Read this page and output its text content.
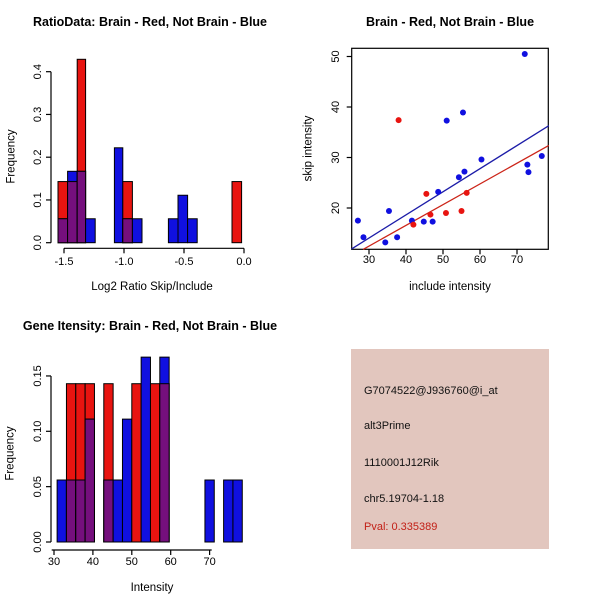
0.0
0.1
0.2
0.3
0.4
-1.5	-1.0	-0.5	0.0
20
30
40
50
30 40 50 60 70
0.00
0.05
0.10
0.15
30 40 50 60 70
RatioData: Brain - Red, Not Brain - Blue	Brain - Red, Not Brain - Blue
Gene Itensity: Brain - Red, Not Brain - Blue
Log2 Ratio Skip/Include
Frequency
include intensity
skip intensity
Intensity
Frequency
G7074522@J936760@i_at
alt3Prime
1110001J12Rik
chr5.19704-1.18
Pval: 0.335389
